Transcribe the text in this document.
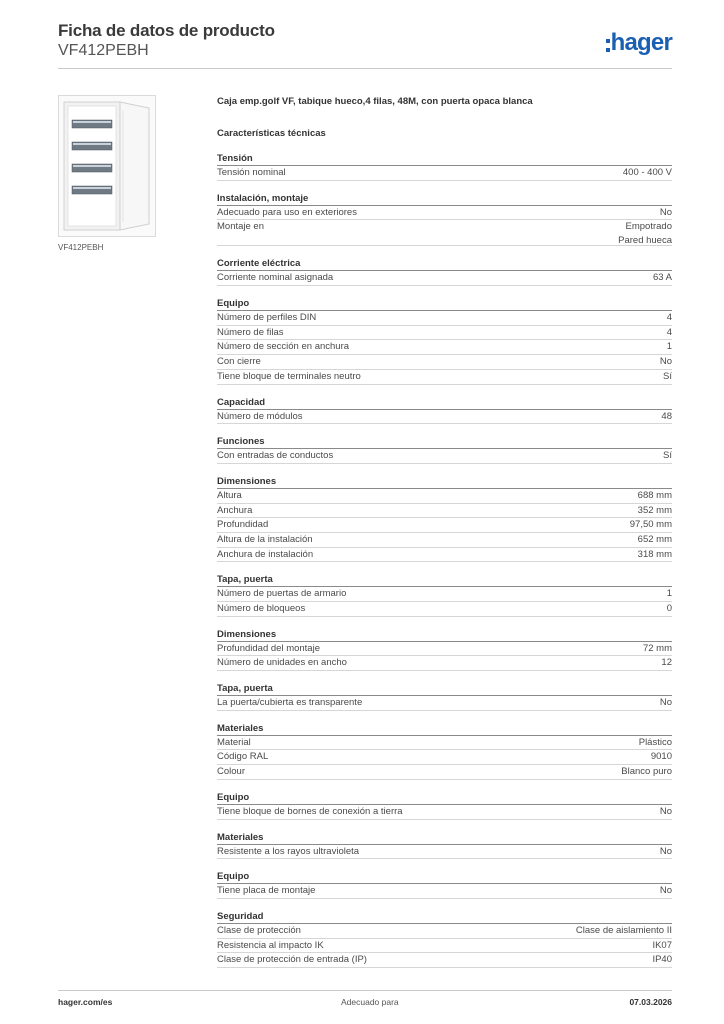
Ficha de datos de producto
VF412PEBH	hager
VF412PEBH
Caja emp.golf VF, tabique hueco,4 filas, 48M, con puerta opaca blanca
Características técnicas
Tensión
Tensión nominal	400 - 400 V
Instalación, montaje
Adecuado para uso en exteriores	No
Montaje en	Empotrado
Pared hueca
Corriente eléctrica
Corriente nominal asignada	63 A
Equipo
Número de perfiles DIN	4
Número de filas	4
Número de sección en anchura	1
Con cierre	No
Tiene bloque de terminales neutro	Sí
Capacidad
Número de módulos	48
Funciones
Con entradas de conductos	Sí
Dimensiones
Altura	688 mm
Anchura	352 mm
Profundidad	97,50 mm
Altura de la instalación	652 mm
Anchura de instalación	318 mm
Tapa, puerta
Número de puertas de armario	1
Número de bloqueos	0
Dimensiones
Profundidad del montaje	72 mm
Número de unidades en ancho	12
Tapa, puerta
La puerta/cubierta es transparente	No
Materiales
Material	Plástico
Código RAL	9010
Colour	Blanco puro
Equipo
Tiene bloque de bornes de conexión a tierra	No
Materiales
Resistente a los rayos ultravioleta	No
Equipo
Tiene placa de montaje	No
Seguridad
Clase de protección	Clase de aislamiento II
Resistencia al impacto IK	IK07
Clase de protección de entrada (IP)	IP40
hager.com/es	Adecuado para	07.03.2026
